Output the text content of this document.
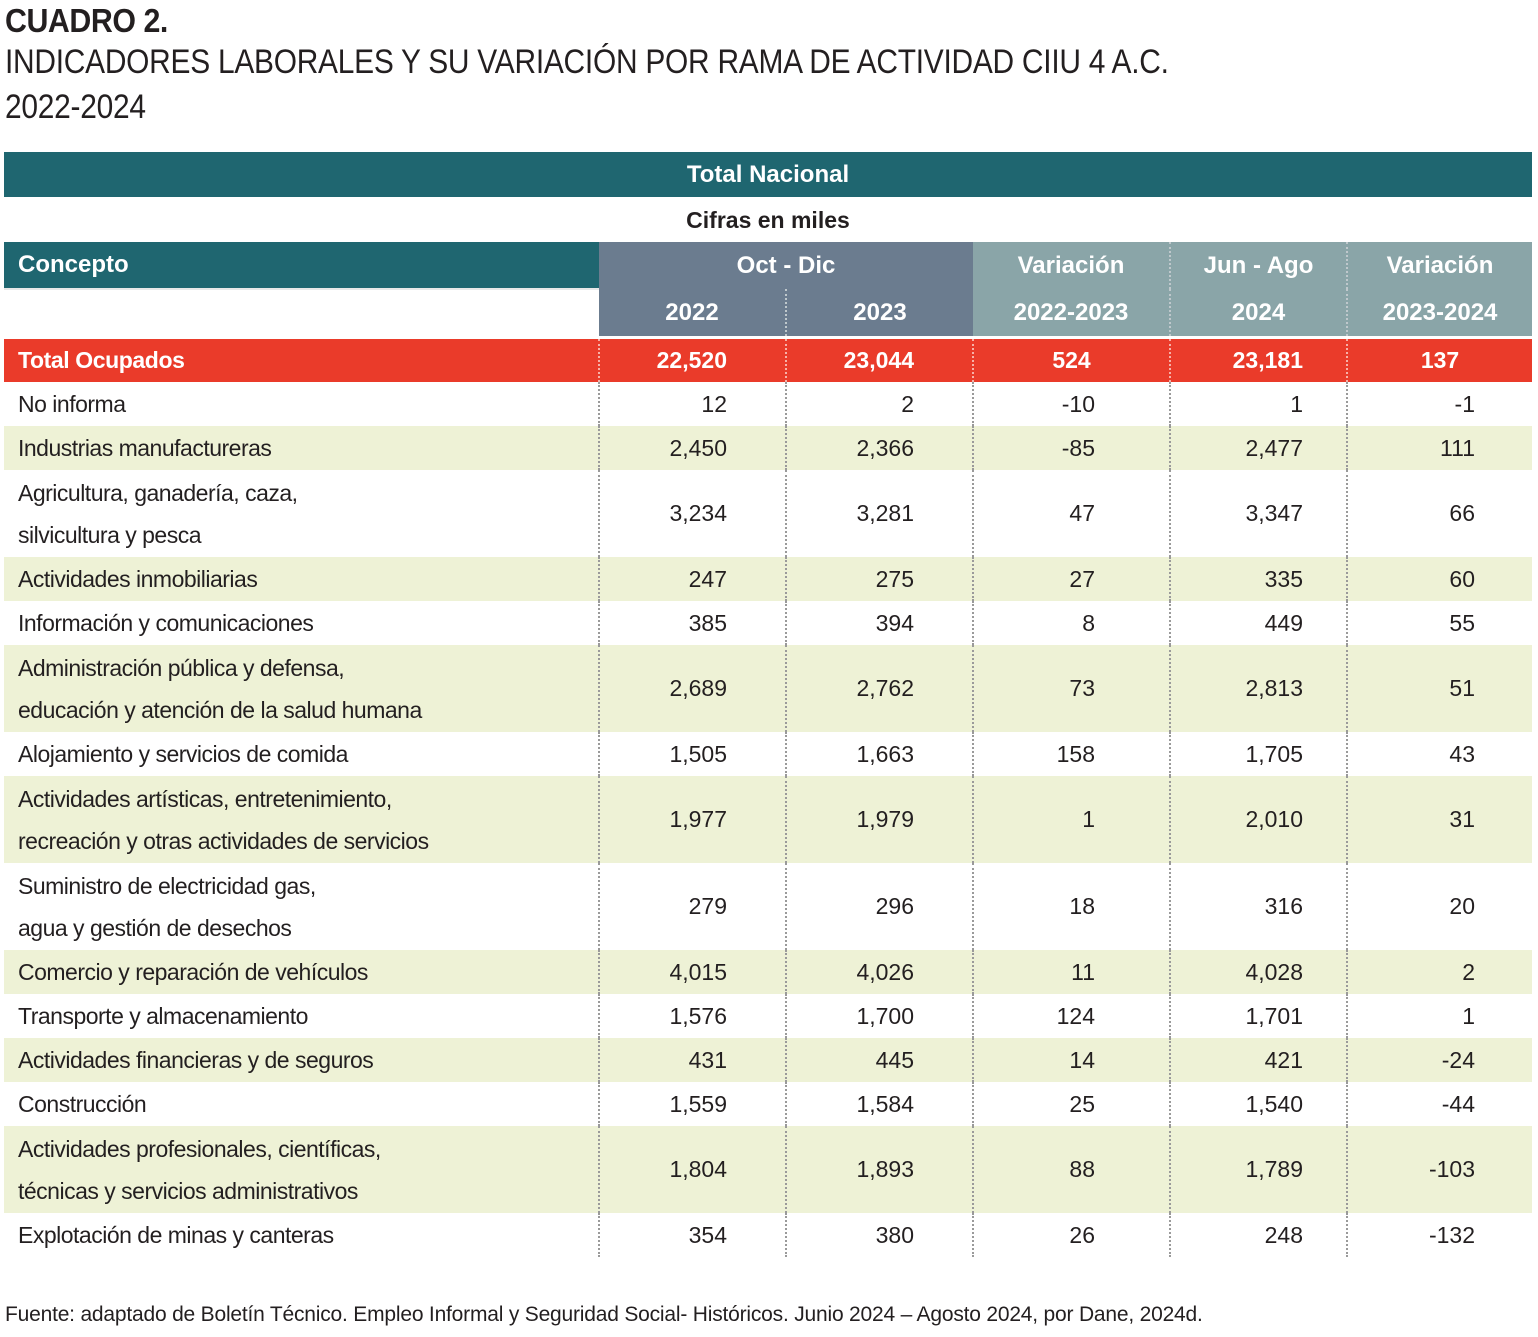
CUADRO 2.
INDICADORES LABORALES Y SU VARIACIÓN POR RAMA DE ACTIVIDAD CIIU 4 A.C.
2022-2024
Total Nacional
Cifras en miles
Concepto	Oct - Dic		Variación	Jun - Ago	Variación
	2022	2023	2022-2023	2024	2023-2024
Total Ocupados	22,520	23,044	524	23,181	137

No informa	12	2	-10	1	-1

Industrias manufactureras	2,450	2,366	-85	2,477	111

Agricultura, ganadería, caza,
silvicultura y pesca	3,234	3,281	47	3,347	66

Actividades inmobiliarias	247	275	27	335	60

Información y comunicaciones	385	394	8	449	55

Administración pública y defensa,
educación y atención de la salud humana	2,689	2,762	73	2,813	51

Alojamiento y servicios de comida	1,505	1,663	158	1,705	43

Actividades artísticas, entretenimiento,
recreación y otras actividades de servicios	1,977	1,979	1	2,010	31

Suministro de electricidad gas,
agua y gestión de desechos	279	296	18	316	20

Comercio y reparación de vehículos	4,015	4,026	11	4,028	2

Transporte y almacenamiento	1,576	1,700	124	1,701	1

Actividades financieras y de seguros	431	445	14	421	-24

Construcción	1,559	1,584	25	1,540	-44

Actividades profesionales, científicas,
técnicas y servicios administrativos	1,804	1,893	88	1,789	-103

Explotación de minas y canteras	354	380	26	248	-132
Fuente: adaptado de Boletín Técnico. Empleo Informal y Seguridad Social- Históricos. Junio 2024 – Agosto 2024, por Dane, 2024d.
